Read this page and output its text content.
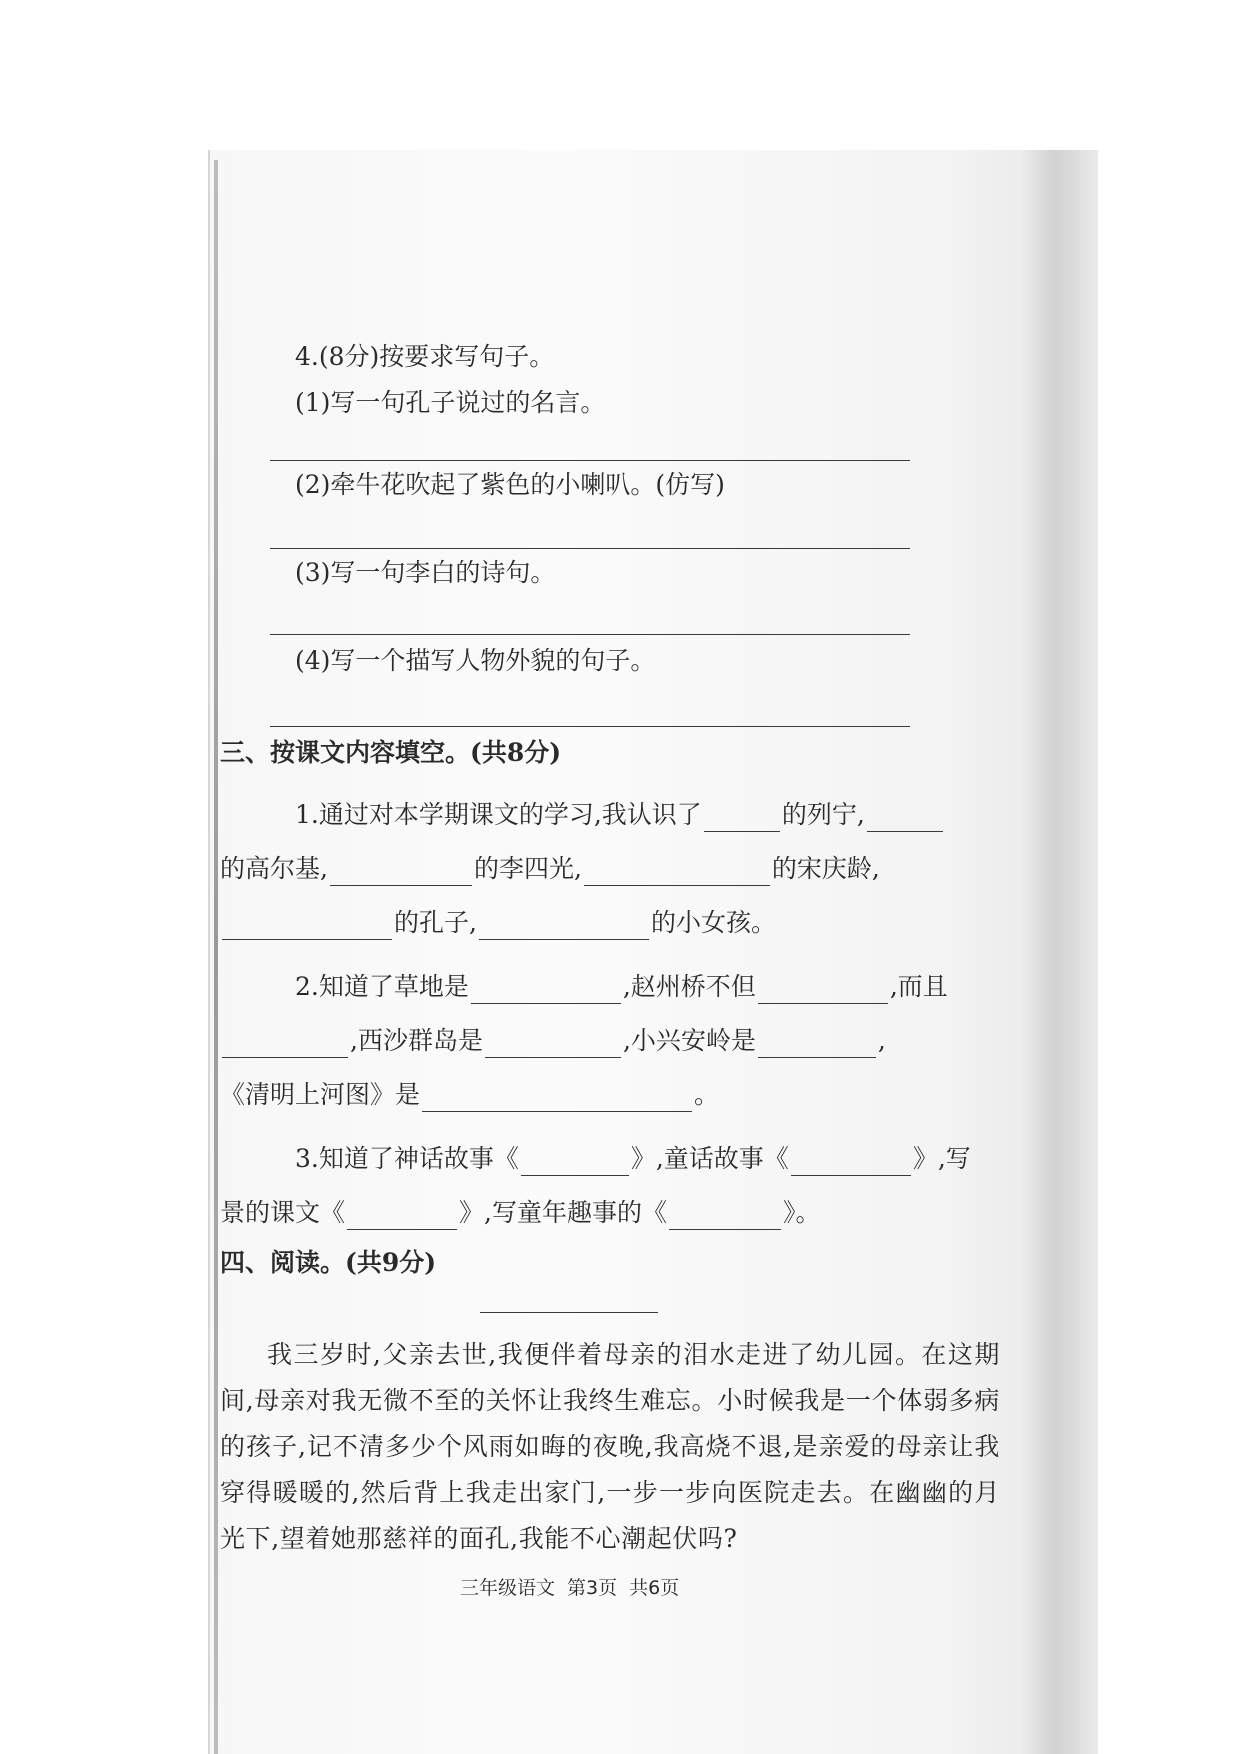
4.(8分)按要求写句子。
(1)写一句孔子说过的名言。
(2)牵牛花吹起了紫色的小喇叭。(仿写)
(3)写一句李白的诗句。
(4)写一个描写人物外貌的句子。
三、按课文内容填空。(共8分)
1.通过对本学期课文的学习,我认识了	的列宁,
的高尔基,	的李四光,	的宋庆龄,
的孔子,	的小女孩。
2.知道了草地是	,赵州桥不但	,而且
,西沙群岛是	,小兴安岭是	,
《清明上河图》是	。
3.知道了神话故事《	》,童话故事《	》,写
景的课文《	》,写童年趣事的《	》。
四、阅读。(共9分)
我三岁时,父亲去世,我便伴着母亲的泪水走进了幼儿园。在这期间,母亲对我无微不至的关怀让我终生难忘。小时候我是一个体弱多病的孩子,记不清多少个风雨如晦的夜晚,我高烧不退,是亲爱的母亲让我穿得暖暖的,然后背上我走出家门,一步一步向医院走去。在幽幽的月光下,望着她那慈祥的面孔,我能不心潮起伏吗?
三年级语文 第3页 共6页
